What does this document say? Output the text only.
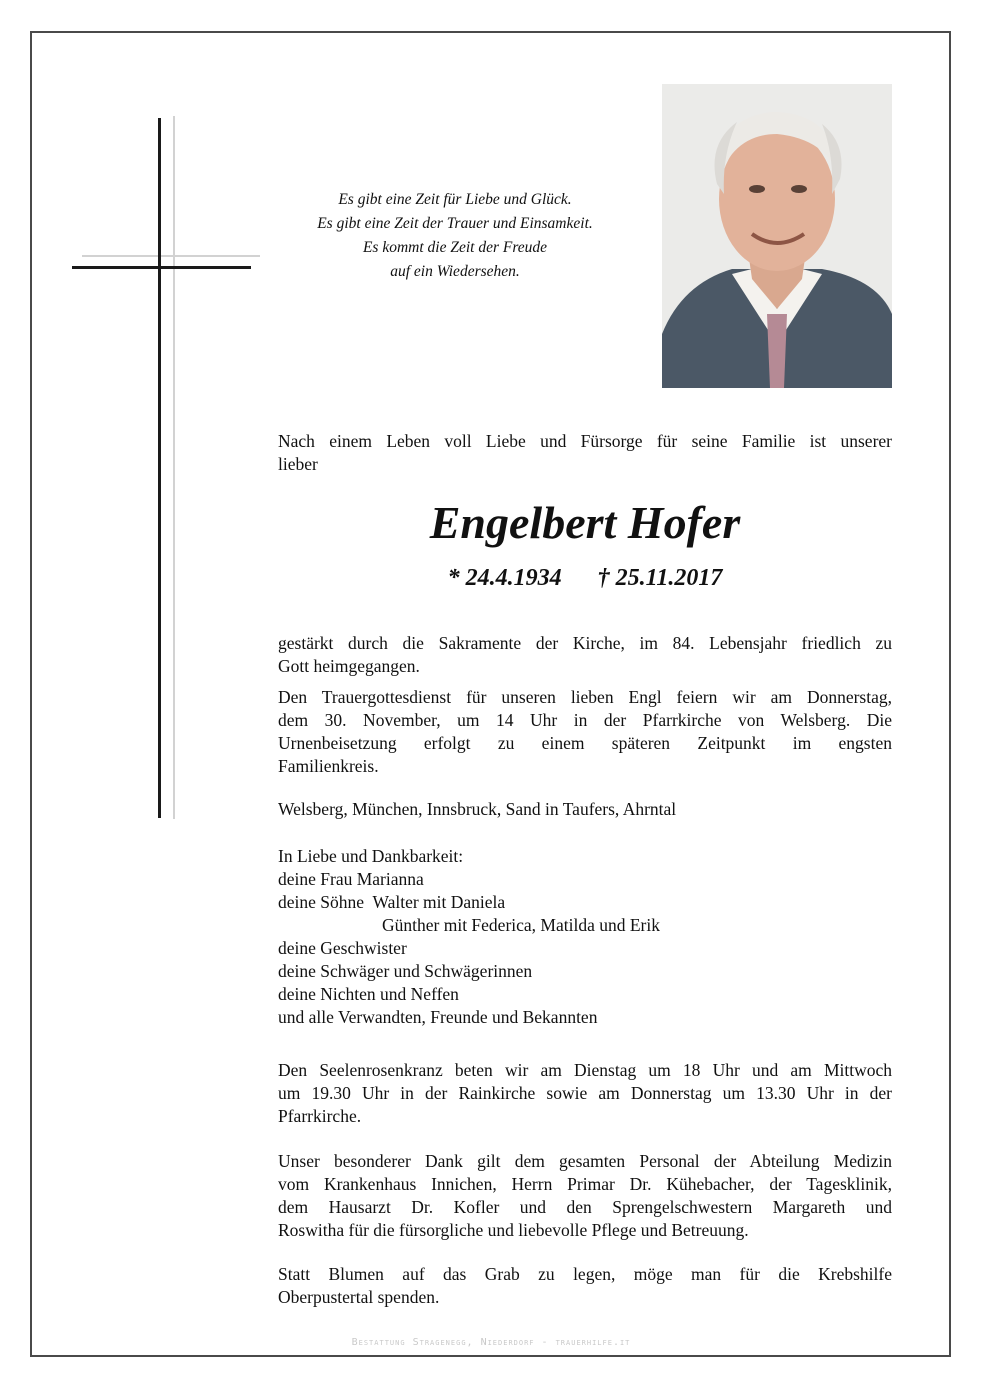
Es gibt eine Zeit für Liebe und Glück.
Es gibt eine Zeit der Trauer und Einsamkeit.
Es kommt die Zeit der Freude
auf ein Wiedersehen.
Nach einem Leben voll Liebe und Fürsorge für seine Familie ist unserer
lieber
Engelbert Hofer
* 24.4.1934      † 25.11.2017
gestärkt durch die Sakramente der Kirche, im 84. Lebensjahr friedlich zu
Gott heimgegangen.
Den Trauergottesdienst für unseren lieben Engl feiern wir am Donnerstag,
dem 30. November, um 14 Uhr in der Pfarrkirche von Welsberg. Die
Urnenbeisetzung erfolgt zu einem späteren Zeitpunkt im engsten
Familienkreis.
Welsberg, München, Innsbruck, Sand in Taufers, Ahrntal
In Liebe und Dankbarkeit:
deine Frau Marianna
deine Söhne  Walter mit Daniela
Günther mit Federica, Matilda und Erik
deine Geschwister
deine Schwäger und Schwägerinnen
deine Nichten und Neffen
und alle Verwandten, Freunde und Bekannten
Den Seelenrosenkranz beten wir am Dienstag um 18 Uhr und am Mittwoch
um 19.30 Uhr in der Rainkirche sowie am Donnerstag um 13.30 Uhr in der
Pfarrkirche.
Unser besonderer Dank gilt dem gesamten Personal der Abteilung Medizin
vom Krankenhaus Innichen, Herrn Primar Dr. Kühebacher, der Tagesklinik,
dem Hausarzt Dr. Kofler und den Sprengelschwestern Margareth und
Roswitha für die fürsorgliche und liebevolle Pflege und Betreuung.
Statt Blumen auf das Grab zu legen, möge man für die Krebshilfe
Oberpustertal spenden.
Bestattung Stragenegg, Niederdorf - trauerhilfe.it
